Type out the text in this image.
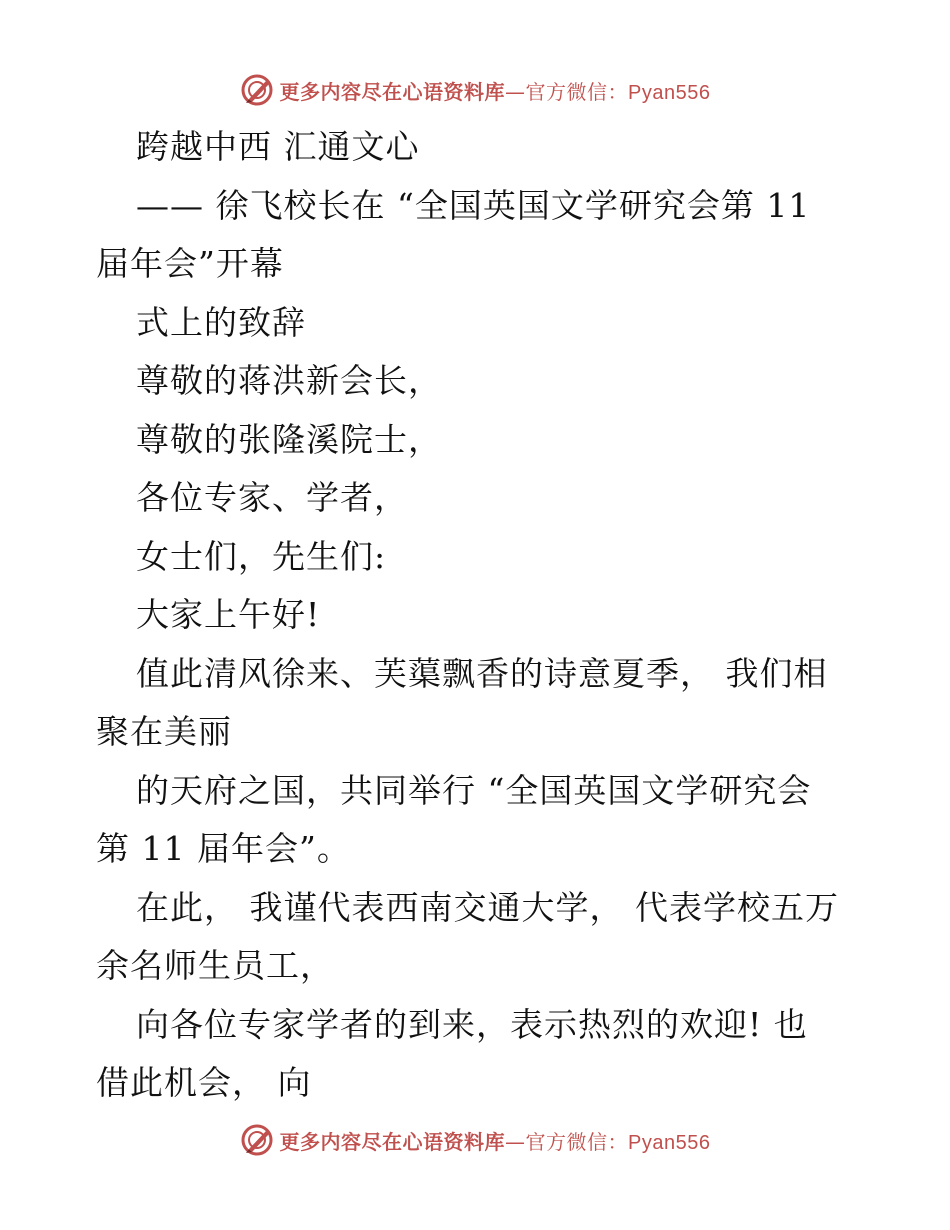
更多内容尽在心语资料库—官方微信：Pyan556
跨越中西 汇通文心
—— 徐飞校长在 “全国英国文学研究会第 11
届年会”开幕
式上的致辞
尊敬的蒋洪新会长，
尊敬的张隆溪院士，
各位专家、学者，
女士们，先生们:
大家上午好!
值此清风徐来、芙蕖飘香的诗意夏季， 我们相
聚在美丽
的天府之国，共同举行 “全国英国文学研究会
第 11 届年会”。
在此， 我谨代表西南交通大学， 代表学校五万
余名师生员工，
向各位专家学者的到来，表示热烈的欢迎! 也
借此机会， 向
更多内容尽在心语资料库—官方微信：Pyan556
